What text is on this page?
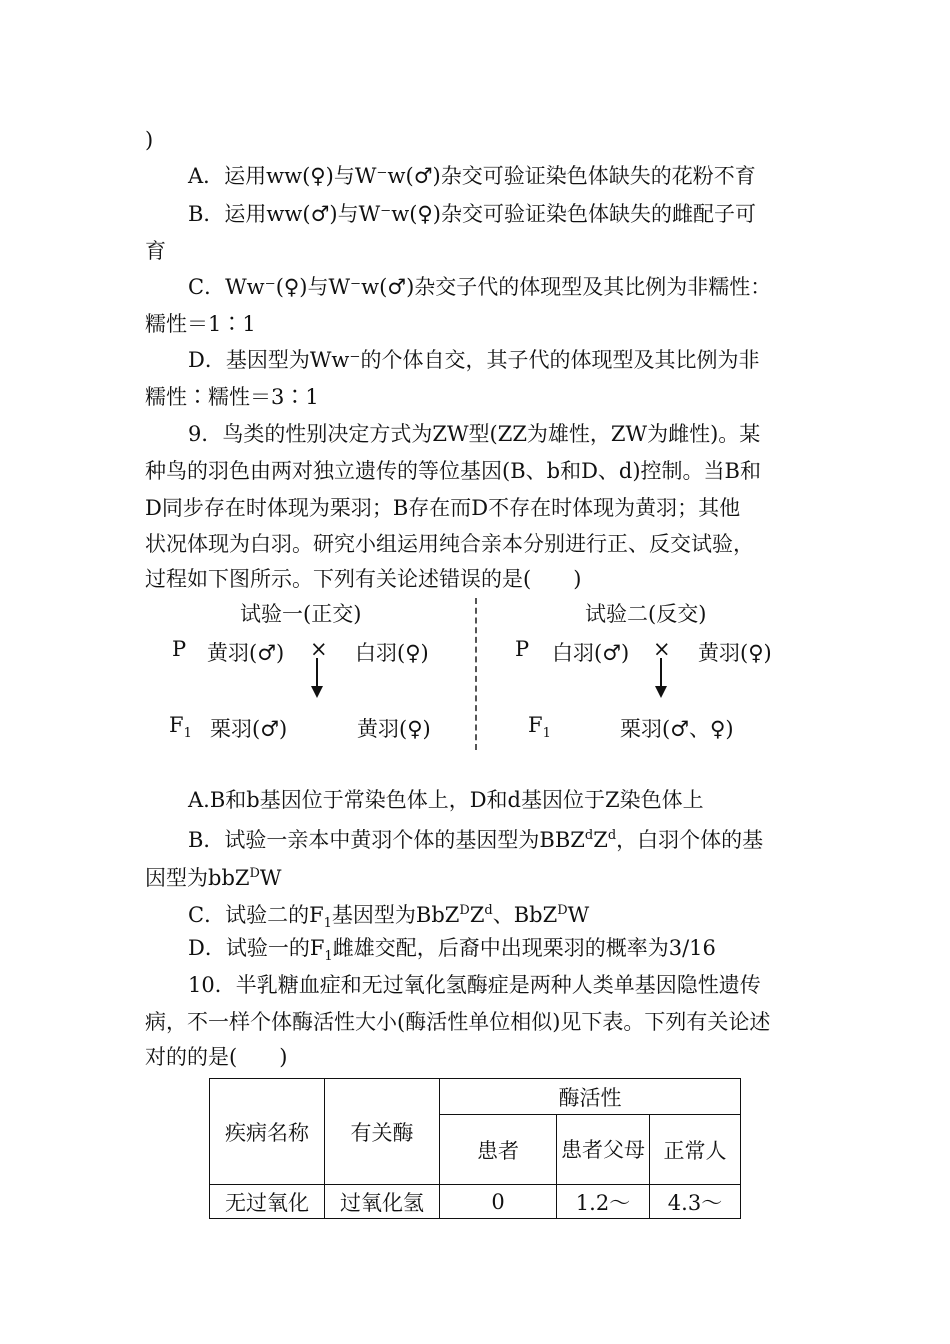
)
A．运用ww(♀)与W⁻w(♂)杂交可验证染色体缺失的花粉不育
B．运用ww(♂)与W⁻w(♀)杂交可验证染色体缺失的雌配子可
育
C．Ww⁻(♀)与W⁻w(♂)杂交子代的体现型及其比例为非糯性：
糯性＝1∶1
D．基因型为Ww⁻的个体自交，其子代的体现型及其比例为非
糯性∶糯性＝3∶1
9．鸟类的性别决定方式为ZW型(ZZ为雄性，ZW为雌性)。某
种鸟的羽色由两对独立遗传的等位基因(B、b和D、d)控制。当B和
D同步存在时体现为栗羽；B存在而D不存在时体现为黄羽；其他
状况体现为白羽。研究小组运用纯合亲本分别进行正、反交试验，
过程如下图所示。下列有关论述错误的是(　　)
试验一(正交)	试验二(反交)
P 黄羽(♂) × 白羽(♀)
$F_1$ 栗羽(♂)	黄羽(♀)
P 白羽(♂) × 黄羽(♀)
$F_1$	栗羽(♂、♀)
A.B和b基因位于常染色体上，D和d基因位于Z染色体上
B．试验一亲本中黄羽个体的基因型为$BBZ^dZ^d$，白羽个体的基
因型为bbZ$^D$W
C．试验二的$F_1$基因型为$BbZ^DZ^d$、BbZ$^D$W
D．试验一的$F_1$雌雄交配，后裔中出现栗羽的概率为3/16
10．半乳糖血症和无过氧化氢酶症是两种人类单基因隐性遗传
病，不一样个体酶活性大小(酶活性单位相似)见下表。下列有关论述
对的的是(　　)
疾病名称	有关酶	酶活性		
		患者	患者父母	正常人
无过氧化	过氧化氢	0	1.2～	4.3～
